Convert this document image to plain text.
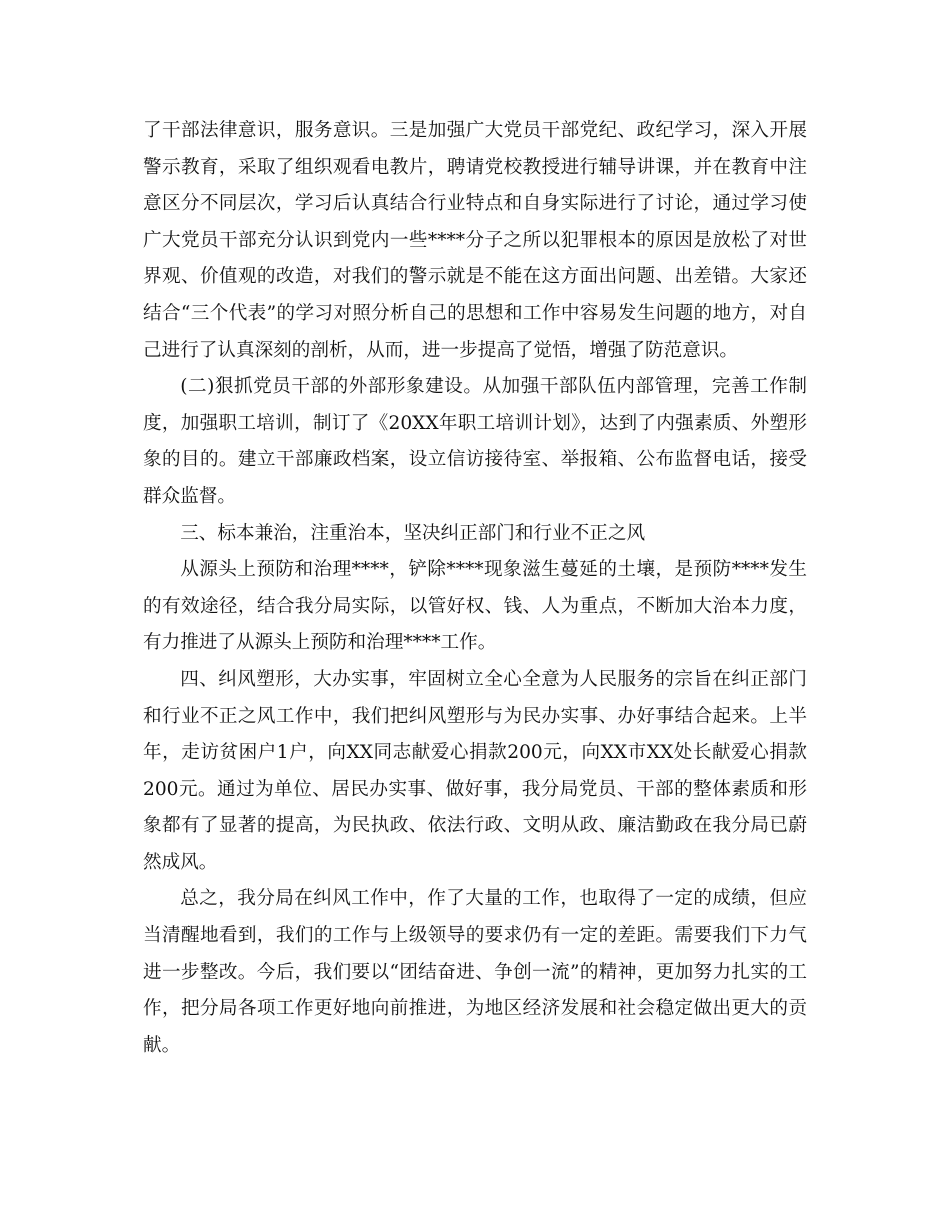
了干部法律意识，服务意识。三是加强广大党员干部党纪、政纪学习，深入开展警示教育，采取了组织观看电教片，聘请党校教授进行辅导讲课，并在教育中注意区分不同层次，学习后认真结合行业特点和自身实际进行了讨论，通过学习使广大党员干部充分认识到党内一些****分子之所以犯罪根本的原因是放松了对世界观、价值观的改造，对我们的警示就是不能在这方面出问题、出差错。大家还结合“三个代表”的学习对照分析自己的思想和工作中容易发生问题的地方，对自己进行了认真深刻的剖析，从而，进一步提高了觉悟，增强了防范意识。

(二)狠抓党员干部的外部形象建设。从加强干部队伍内部管理，完善工作制度，加强职工培训，制订了《20XX年职工培训计划》，达到了内强素质、外塑形象的目的。建立干部廉政档案，设立信访接待室、举报箱、公布监督电话，接受群众监督。

三、标本兼治，注重治本，坚决纠正部门和行业不正之风

从源头上预防和治理****，铲除****现象滋生蔓延的土壤，是预防****发生的有效途径，结合我分局实际，以管好权、钱、人为重点，不断加大治本力度，有力推进了从源头上预防和治理****工作。

四、纠风塑形，大办实事，牢固树立全心全意为人民服务的宗旨在纠正部门和行业不正之风工作中，我们把纠风塑形与为民办实事、办好事结合起来。上半年，走访贫困户1户，向XX同志献爱心捐款200元，向XX市XX处长献爱心捐款200元。通过为单位、居民办实事、做好事，我分局党员、干部的整体素质和形象都有了显著的提高，为民执政、依法行政、文明从政、廉洁勤政在我分局已蔚然成风。

总之，我分局在纠风工作中，作了大量的工作，也取得了一定的成绩，但应当清醒地看到，我们的工作与上级领导的要求仍有一定的差距。需要我们下力气进一步整改。今后，我们要以“团结奋进、争创一流”的精神，更加努力扎实的工作，把分局各项工作更好地向前推进，为地区经济发展和社会稳定做出更大的贡献。
